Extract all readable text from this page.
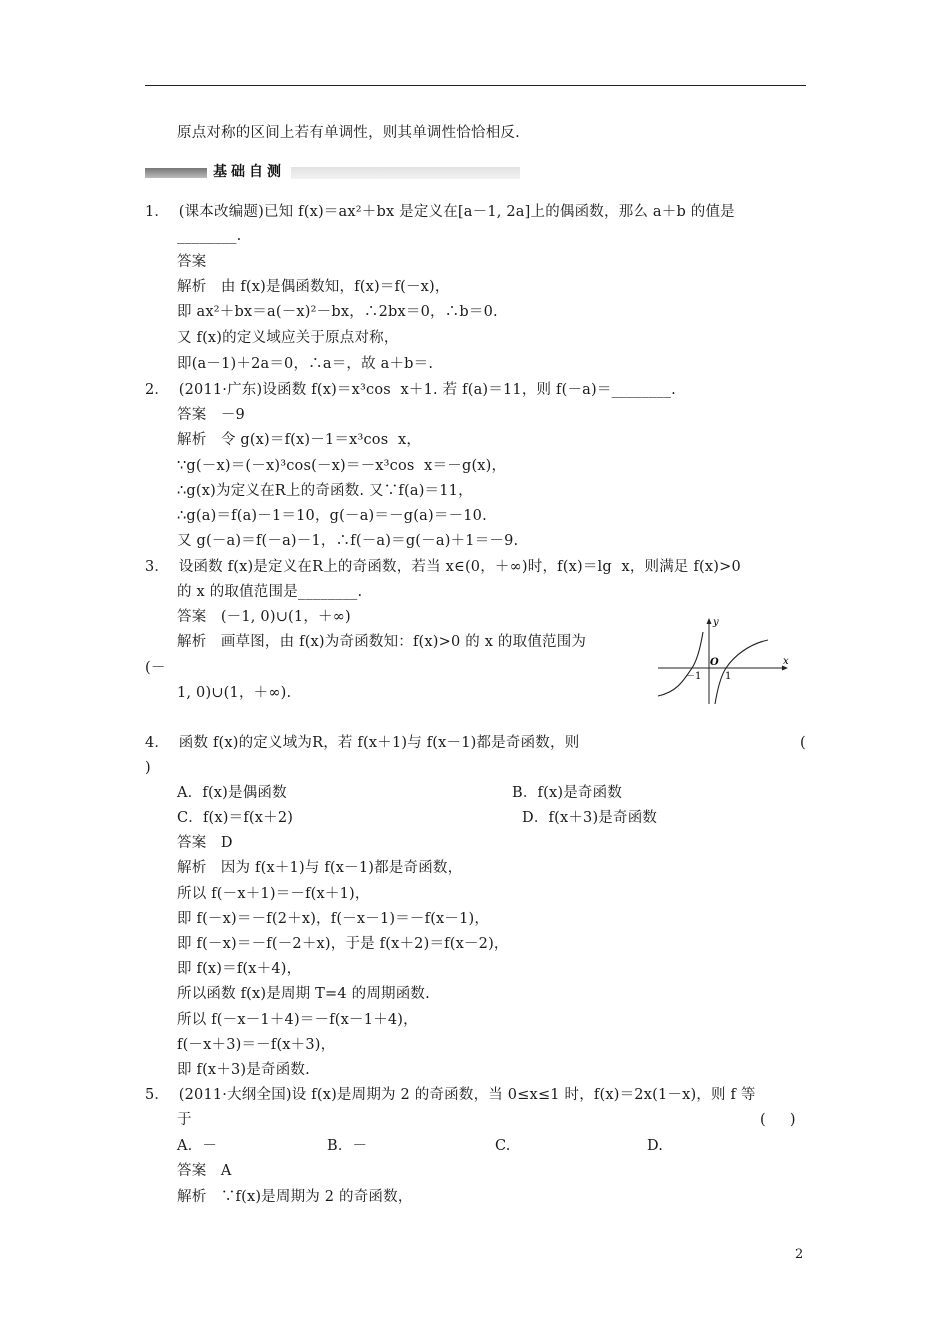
基础自测
原点对称的区间上若有单调性，则其单调性恰恰相反.
1．  (课本改编题)已知 f(x)＝ax²＋bx 是定义在[a－1, 2a]上的偶函数，那么 a＋b 的值是
________.
答案
解析   由 f(x)是偶函数知，f(x)＝f(－x)，
即 ax²＋bx＝a(－x)²－bx，∴2bx＝0，∴b＝0.
又 f(x)的定义域应关于原点对称，
即(a－1)＋2a＝0，∴a＝，故 a＋b＝.
2．  (2011·广东)设函数 f(x)＝x³cos  x＋1. 若 f(a)＝11，则 f(－a)＝________.
答案   －9
解析   令 g(x)＝f(x)－1＝x³cos  x，
∵g(－x)＝(－x)³cos(－x)＝－x³cos  x＝－g(x)，
∴g(x)为定义在R上的奇函数. 又∵f(a)＝11，
∴g(a)＝f(a)－1＝10，g(－a)＝－g(a)＝－10.
又 g(－a)＝f(－a)－1，∴f(－a)＝g(－a)＋1＝－9.
3．  设函数 f(x)是定义在R上的奇函数，若当 x∈(0，＋∞)时，f(x)＝lg  x，则满足 f(x)>0
的 x 的取值范围是________.
答案   (－1, 0)∪(1，＋∞)
解析   画草图，由 f(x)为奇函数知：f(x)>0 的 x 的取值范围为
(－
1, 0)∪(1，＋∞).
4．  函数 f(x)的定义域为R，若 f(x＋1)与 f(x－1)都是奇函数，则	(
)
A．f(x)是偶函数	B．f(x)是奇函数
C．f(x)＝f(x＋2)	D．f(x＋3)是奇函数
答案   D
解析   因为 f(x＋1)与 f(x－1)都是奇函数，
所以 f(－x＋1)＝－f(x＋1)，
即 f(－x)＝－f(2＋x)，f(－x－1)＝－f(x－1)，
即 f(－x)＝－f(－2＋x)，于是 f(x＋2)＝f(x－2)，
即 f(x)＝f(x＋4)，
所以函数 f(x)是周期 T=4 的周期函数.
所以 f(－x－1＋4)＝－f(x－1＋4)，
f(－x＋3)＝－f(x＋3)，
即 f(x＋3)是奇函数.
5．  (2011·大纲全国)设 f(x)是周期为 2 的奇函数，当 0≤x≤1 时，f(x)＝2x(1－x)，则 f 等
于	(     )
A．－	B．－	C.	D.
答案   A
解析   ∵f(x)是周期为 2 的奇函数，
y
x
O
－1 1
2
